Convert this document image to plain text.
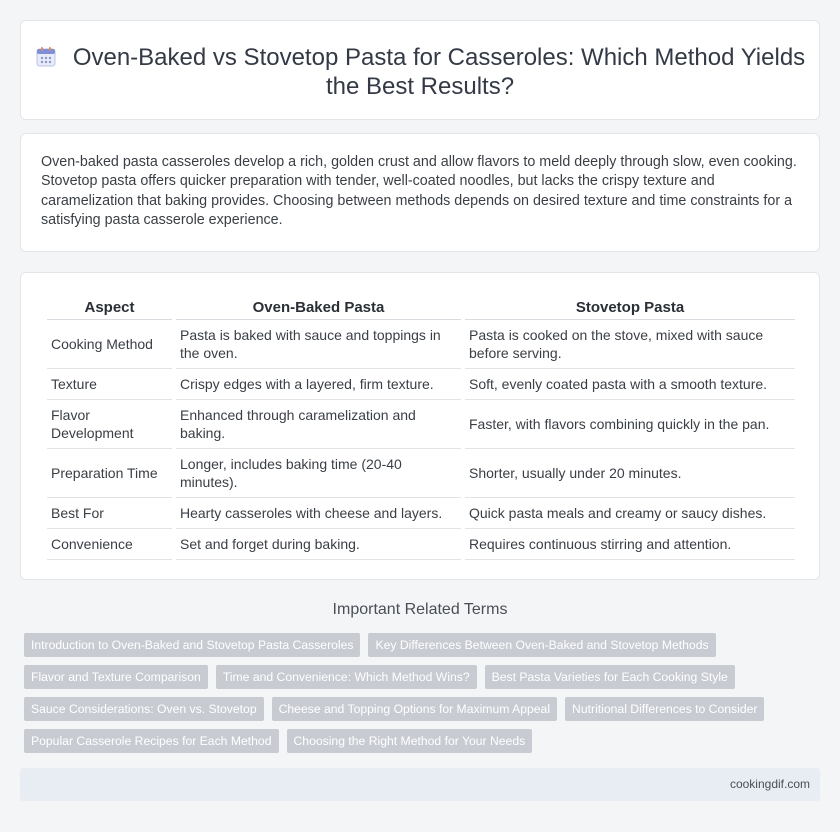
Oven-Baked vs Stovetop Pasta for Casseroles: Which Method Yields the Best Results?

Oven-baked pasta casseroles develop a rich, golden crust and allow flavors to meld deeply through slow, even cooking. Stovetop pasta offers quicker preparation with tender, well-coated noodles, but lacks the crispy texture and caramelization that baking provides. Choosing between methods depends on desired texture and time constraints for a satisfying pasta casserole experience.

Aspect	Oven-Baked Pasta	Stovetop Pasta
Cooking Method	Pasta is baked with sauce and toppings in the oven.	Pasta is cooked on the stove, mixed with sauce before serving.
Texture	Crispy edges with a layered, firm texture.	Soft, evenly coated pasta with a smooth texture.
Flavor Development	Enhanced through caramelization and baking.	Faster, with flavors combining quickly in the pan.
Preparation Time	Longer, includes baking time (20-40 minutes).	Shorter, usually under 20 minutes.
Best For	Hearty casseroles with cheese and layers.	Quick pasta meals and creamy or saucy dishes.
Convenience	Set and forget during baking.	Requires continuous stirring and attention.
Important Related Terms
Introduction to Oven-Baked and Stovetop Pasta Casseroles	Key Differences Between Oven-Baked and Stovetop Methods
Flavor and Texture Comparison	Time and Convenience: Which Method Wins?	Best Pasta Varieties for Each Cooking Style
Sauce Considerations: Oven vs. Stovetop	Cheese and Topping Options for Maximum Appeal	Nutritional Differences to Consider
Popular Casserole Recipes for Each Method	Choosing the Right Method for Your Needs
cookingdif.com
